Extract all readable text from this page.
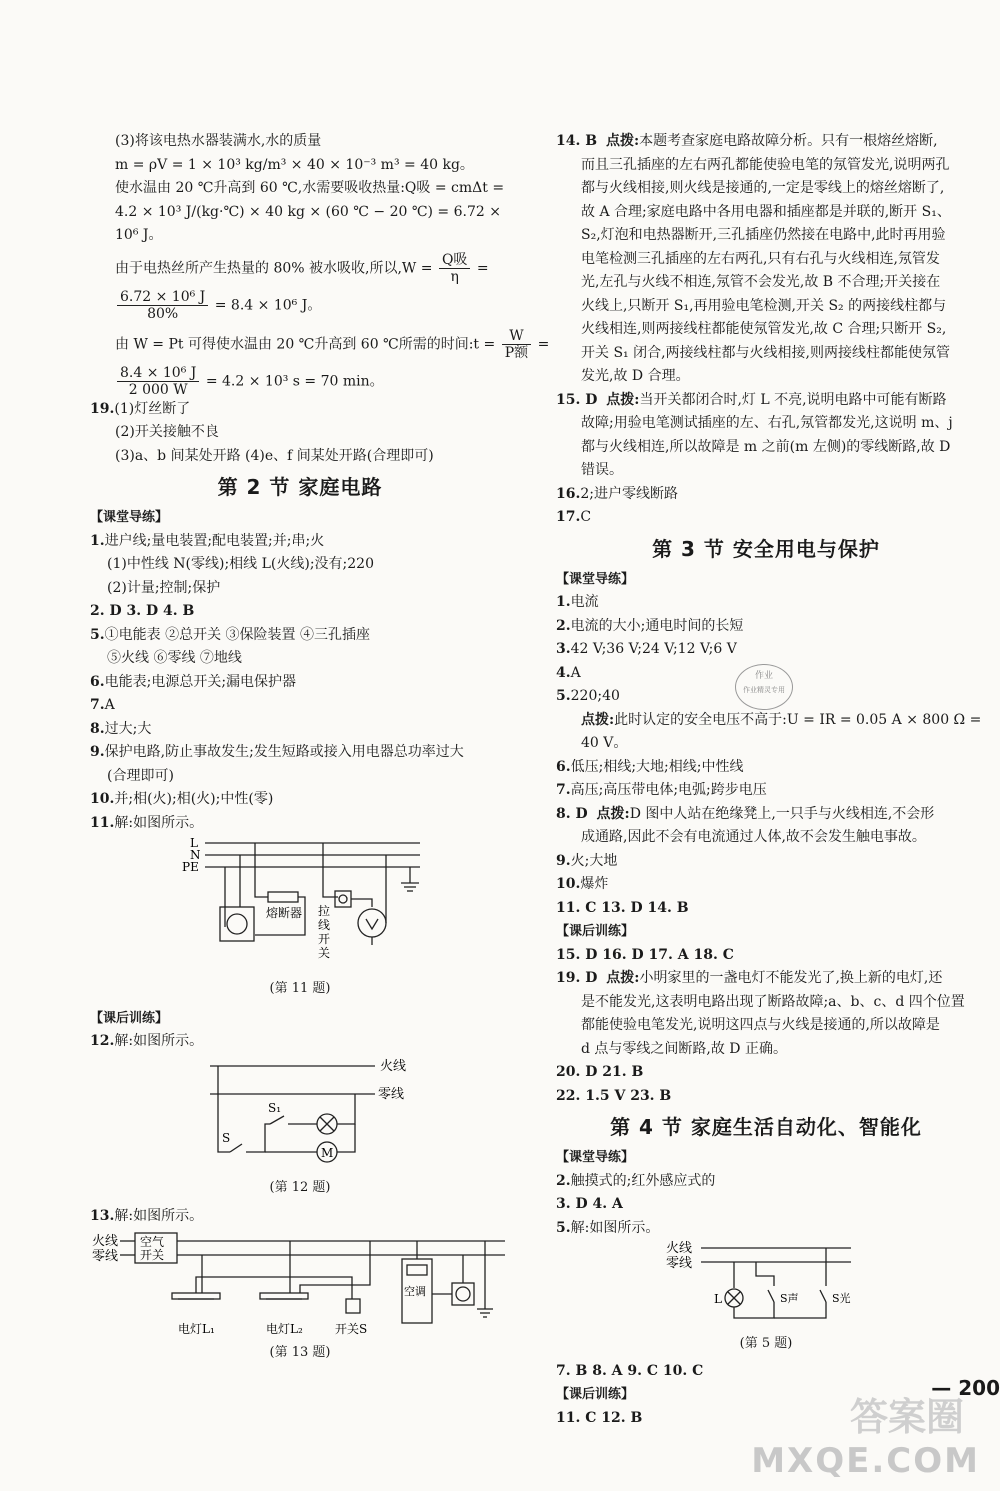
(3)将该电热水器装满水,水的质量
m = ρV = 1 × 10³ kg/m³ × 40 × 10⁻³ m³ = 40 kg。
使水温由 20 ℃升高到 60 ℃,水需要吸收热量:Q吸 = cmΔt =
4.2 × 10³ J/(kg·℃) × 40 kg × (60 ℃ − 20 ℃) = 6.72 ×
10⁶ J。
由于电热丝所产生热量的 80% 被水吸收,所以$,W = \frac{\text{Q吸}}{\eta}$ =
$\frac{\text{6.72 × 10⁶ J}}{80\%} = 8.4 \times 10^6$ J。
由 W = Pt 可得使水温由 20 ℃升高到 60 ℃所需的时间:t = $\frac{W}{\text{P额}}$ =
$\frac{\text{8.4 × 10⁶ J}}{2 000 W} = 4.2 \times 10^3$ s = 70 min。
19.(1)灯丝断了
(2)开关接触不良
(3)a、b 间某处开路 (4)e、f 间某处开路(合理即可)
第 2 节 家庭电路
【课堂导练】
1.进户线;量电装置;配电装置;并;串;火
(1)中性线 N(零线);相线 L(火线);没有;220
(2)计量;控制;保护
2. D 3. D 4. B
5.①电能表 ②总开关 ③保险装置 ④三孔插座
⑤火线 ⑥零线 ⑦地线
6.电能表;电源总开关;漏电保护器
7.A
8.过大;大
9.保护电路,防止事故发生;发生短路或接入用电器总功率过大
(合理即可)
10.并;相(火);相(火);中性(零)
11.解:如图所示。
L
N
PE
熔断器 拉
线
开
关
(第 11 题)
【课后训练】
12.解:如图所示。
火线
零线
S₁
S
M
(第 12 题)
13.解:如图所示。
火线
零线
空气
开关
空调
电灯L₁	电灯L₂	开关S
(第 13 题)
14. B 点拨:本题考查家庭电路故障分析。只有一根熔丝熔断,
而且三孔插座的左右两孔都能使验电笔的氖管发光,说明两孔
都与火线相接,则火线是接通的,一定是零线上的熔丝熔断了,
故 A 合理;家庭电路中各用电器和插座都是并联的,断开 S₁、
S₂,灯泡和电热器断开,三孔插座仍然接在电路中,此时再用验
电笔检测三孔插座的左右两孔,只有右孔与火线相连,氖管发
光,左孔与火线不相连,氖管不会发光,故 B 不合理;开关接在
火线上,只断开 S₁,再用验电笔检测,开关 S₂ 的两接线柱都与
火线相连,则两接线柱都能使氖管发光,故 C 合理;只断开 S₂,
开关 S₁ 闭合,两接线柱都与火线相接,则两接线柱都能使氖管
发光,故 D 合理。
15. D 点拨:当开关都闭合时,灯 L 不亮,说明电路中可能有断路
故障;用验电笔测试插座的左、右孔,氖管都发光,这说明 m、j
都与火线相连,所以故障是 m 之前(m 左侧)的零线断路,故 D
错误。
16.2;进户零线断路
17.C
第 3 节 安全用电与保护
【课堂导练】
1.电流
2.电流的大小;通电时间的长短
3.42 V;36 V;24 V;12 V;6 V
4.A
5.220;40
点拨:此时认定的安全电压不高于:U = IR = 0.05 A × 800 Ω =
40 V。
6.低压;相线;大地;相线;中性线
7.高压;高压带电体;电弧;跨步电压
8. D 点拨:D 图中人站在绝缘凳上,一只手与火线相连,不会形
成通路,因此不会有电流通过人体,故不会发生触电事故。
9.火;大地
10.爆炸
11. C 13. D 14. B
【课后训练】
15. D 16. D 17. A 18. C
19. D 点拨:小明家里的一盏电灯不能发光了,换上新的电灯,还
是不能发光,这表明电路出现了断路故障;a、b、c、d 四个位置
都能使验电笔发光,说明这四点与火线是接通的,所以故障是
d 点与零线之间断路,故 D 正确。
20. D 21. B
22. 1.5 V 23. B
第 4 节 家庭生活自动化、智能化
【课堂导练】
2.触摸式的;红外感应式的
3. D 4. A
5.解:如图所示。
火线
零线
L	S声	S光
(第 5 题)
7. B 8. A 9. C 10. C
【课后训练】
11. C 12. B
作业
作业精灵专用
— 200
答案圈
MXQE.COM
